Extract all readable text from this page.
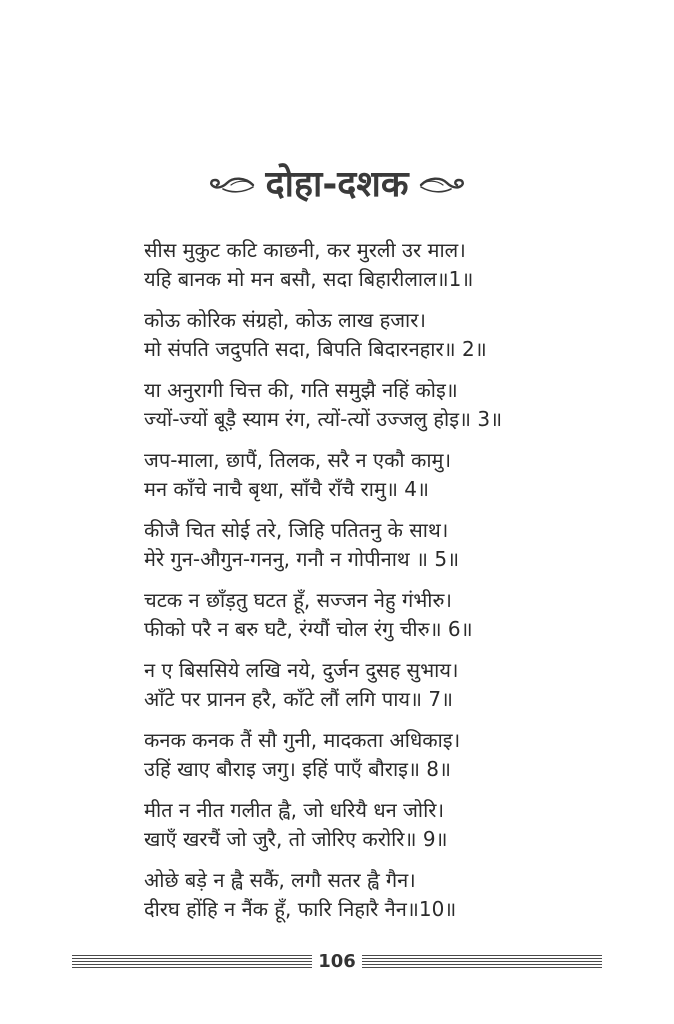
दोहा-दशक
सीस मुकुट कटि काछनी, कर मुरली उर माल।
यहि बानक मो मन बसौ, सदा बिहारीलाल॥1॥
कोऊ कोरिक संग्रहो, कोऊ लाख हजार।
मो संपति जदुपति सदा, बिपति बिदारनहार॥ 2॥
या अनुरागी चित्त की, गति समुझै नहिं कोइ॥
ज्यों-ज्यों बूड़ै स्याम रंग, त्यों-त्यों उज्जलु होइ॥ 3॥
जप-माला, छापैं, तिलक, सरै न एकौ कामु।
मन काँचे नाचै बृथा, साँचै राँचै रामु॥ 4॥
कीजै चित सोई तरे, जिहि पतितनु के साथ।
मेरे गुन-औगुन-गननु, गनौ न गोपीनाथ ॥ 5॥
चटक न छाँड़तु घटत हूँ, सज्जन नेहु गंभीरु।
फीको परै न बरु घटै, रंग्यौं चोल रंगु चीरु॥ 6॥
न ए बिससिये लखि नये, दुर्जन दुसह सुभाय।
आँटे पर प्रानन हरै, काँटे लौं लगि पाय॥ 7॥
कनक कनक तैं सौ गुनी, मादकता अधिकाइ।
उहिं खाए बौराइ जगु। इहिं पाएँ बौराइ॥ 8॥
मीत न नीत गलीत ह्वै, जो धरियै धन जोरि।
खाएँ खरचैं जो जुरै, तो जोरिए करोरि॥ 9॥
ओछे बड़े न ह्वै सकैं, लगौ सतर ह्वै गैन।
दीरघ होंहि न नैंक हूँ, फारि निहारै नैन॥10॥
106
